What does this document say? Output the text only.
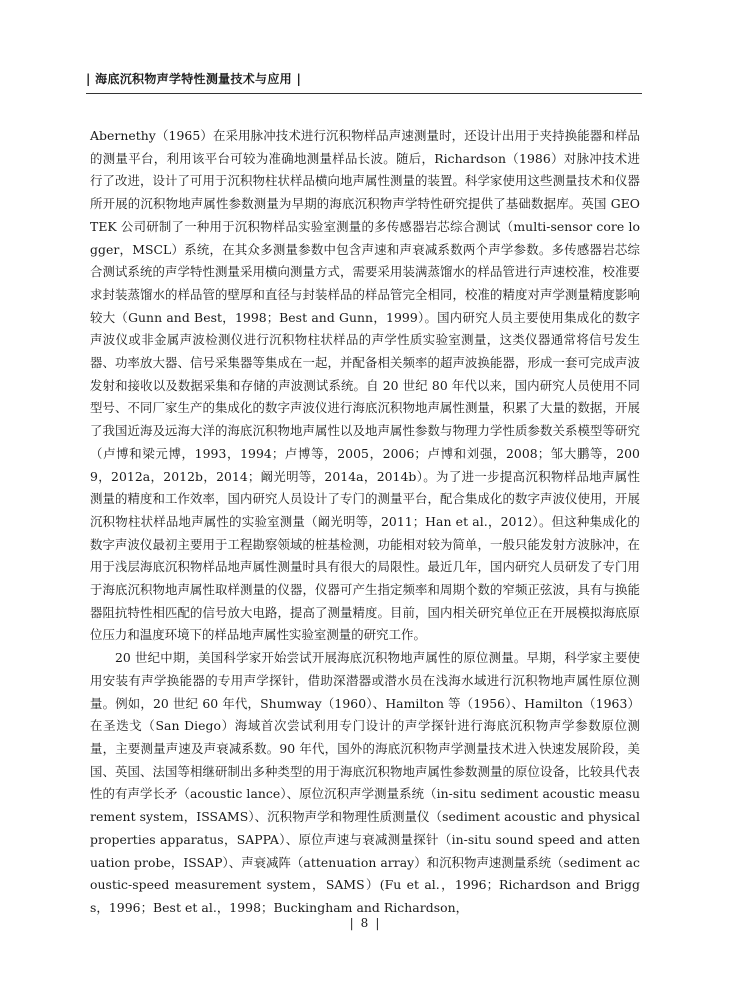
| 海底沉积物声学特性测量技术与应用 |

Abernethy（1965）在采用脉冲技术进行沉积物样品声速测量时，还设计出用于夹持换能器和样品的测量平台，利用该平台可较为准确地测量样品长波。随后，Richardson（1986）对脉冲技术进行了改进，设计了可用于沉积物柱状样品横向地声属性测量的装置。科学家使用这些测量技术和仪器所开展的沉积物地声属性参数测量为早期的海底沉积物声学特性研究提供了基础数据库。英国 GEOTEK 公司研制了一种用于沉积物样品实验室测量的多传感器岩芯综合测试（multi-sensor core logger，MSCL）系统，在其众多测量参数中包含声速和声衰减系数两个声学参数。多传感器岩芯综合测试系统的声学特性测量采用横向测量方式，需要采用装满蒸馏水的样品管进行声速校准，校准要求封装蒸馏水的样品管的壁厚和直径与封装样品的样品管完全相同，校准的精度对声学测量精度影响较大（Gunn and Best，1998；Best and Gunn，1999）。国内研究人员主要使用集成化的数字声波仪或非金属声波检测仪进行沉积物柱状样品的声学性质实验室测量，这类仪器通常将信号发生器、功率放大器、信号采集器等集成在一起，并配备相关频率的超声波换能器，形成一套可完成声波发射和接收以及数据采集和存储的声波测试系统。自 20 世纪 80 年代以来，国内研究人员使用不同型号、不同厂家生产的集成化的数字声波仪进行海底沉积物地声属性测量，积累了大量的数据，开展了我国近海及远海大洋的海底沉积物地声属性以及地声属性参数与物理力学性质参数关系模型等研究（卢博和梁元博，1993，1994；卢博等，2005，2006；卢博和刘强，2008；邹大鹏等，2009，2012a，2012b，2014；阚光明等，2014a，2014b）。为了进一步提高沉积物样品地声属性测量的精度和工作效率，国内研究人员设计了专门的测量平台，配合集成化的数字声波仪使用，开展沉积物柱状样品地声属性的实验室测量（阚光明等，2011；Han et al.，2012）。但这种集成化的数字声波仪最初主要用于工程勘察领域的桩基检测，功能相对较为简单，一般只能发射方波脉冲，在用于浅层海底沉积物样品地声属性测量时具有很大的局限性。最近几年，国内研究人员研发了专门用于海底沉积物地声属性取样测量的仪器，仪器可产生指定频率和周期个数的窄频正弦波，具有与换能器阻抗特性相匹配的信号放大电路，提高了测量精度。目前，国内相关研究单位正在开展模拟海底原位压力和温度环境下的样品地声属性实验室测量的研究工作。

20 世纪中期，美国科学家开始尝试开展海底沉积物地声属性的原位测量。早期，科学家主要使用安装有声学换能器的专用声学探针，借助深潜器或潜水员在浅海水域进行沉积物地声属性原位测量。例如，20 世纪 60 年代，Shumway（1960）、Hamilton 等（1956）、Hamilton（1963）在圣迭戈（San Diego）海域首次尝试利用专门设计的声学探针进行海底沉积物声学参数原位测量，主要测量声速及声衰减系数。90 年代，国外的海底沉积物声学测量技术进入快速发展阶段，美国、英国、法国等相继研制出多种类型的用于海底沉积物地声属性参数测量的原位设备，比较具代表性的有声学长矛（acoustic lance）、原位沉积声学测量系统（in-situ sediment acoustic measurement system，ISSAMS）、沉积物声学和物理性质测量仪（sediment acoustic and physical properties apparatus，SAPPA）、原位声速与衰减测量探针（in-situ sound speed and attenuation probe，ISSAP）、声衰减阵（attenuation array）和沉积物声速测量系统（sediment acoustic-speed measurement system，SAMS）(Fu et al.，1996；Richardson and Briggs，1996；Best et al.，1998；Buckingham and Richardson，

| 8 |
